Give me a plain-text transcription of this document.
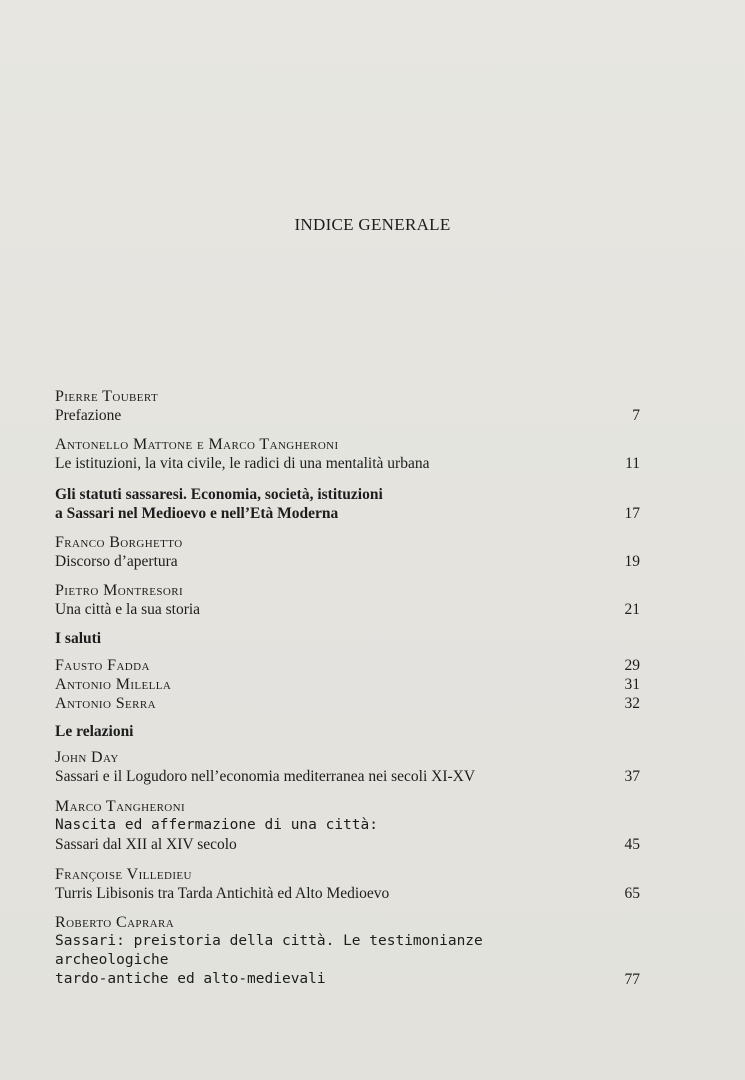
INDICE GENERALE
Pierre Toubert
Prefazione	7
Antonello Mattone e Marco Tangheroni
Le istituzioni, la vita civile, le radici di una mentalità urbana	11
Gli statuti sassaresi. Economia, società, istituzioni
a Sassari nel Medioevo e nell’Età Moderna	17
Franco Borghetto
Discorso d’apertura	19
Pietro Montresori
Una città e la sua storia	21
I saluti
Fausto Fadda	29
Antonio Milella	31
Antonio Serra	32
Le relazioni
John Day
Sassari e il Logudoro nell’economia mediterranea nei secoli XI-XV	37
Marco Tangheroni
Nascita ed affermazione di una città:
Sassari dal XII al XIV secolo	45
Françoise Villedieu
Turris Libisonis tra Tarda Antichità ed Alto Medioevo	65
Roberto Caprara
Sassari: preistoria della città. Le testimonianze archeologiche
tardo-antiche ed alto-medievali	77
